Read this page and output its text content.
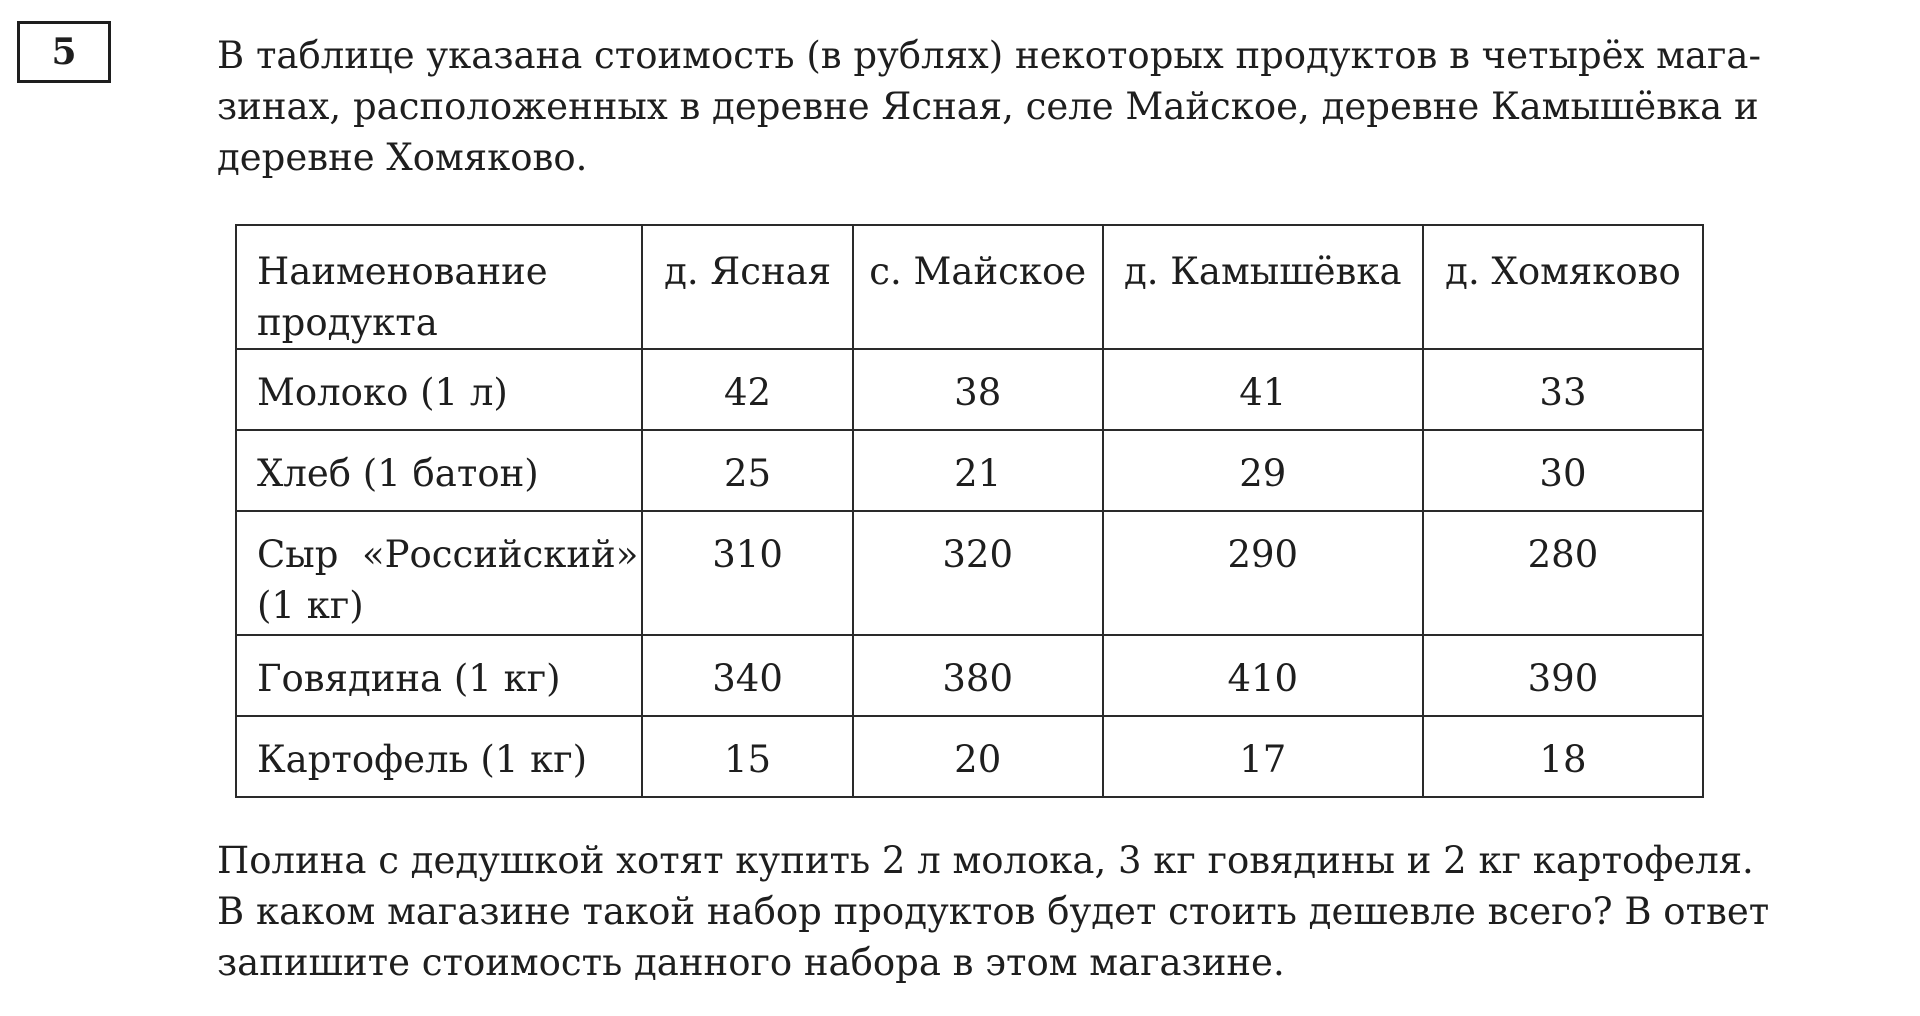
5	В таблице указана стоимость (в рублях) некоторых продуктов в четырёх мага-
зинах, расположенных в деревне Ясная, селе Майское, деревне Камышёвка и
деревне Хомяково.
Наименование
продукта	д. Ясная	с. Майское	д. Камышёвка	д. Хомяково
Молоко (1 л)	42	38	41	33
Хлеб (1 батон)	25	21	29	30
Сыр  «Российский»
(1 кг)	310	320	290	280
Говядина (1 кг)	340	380	410	390
Картофель (1 кг)	15	20	17	18
Полина с дедушкой хотят купить 2 л молока, 3 кг говядины и 2 кг картофеля.
В каком магазине такой набор продуктов будет стоить дешевле всего? В ответ
запишите стоимость данного набора в этом магазине.
